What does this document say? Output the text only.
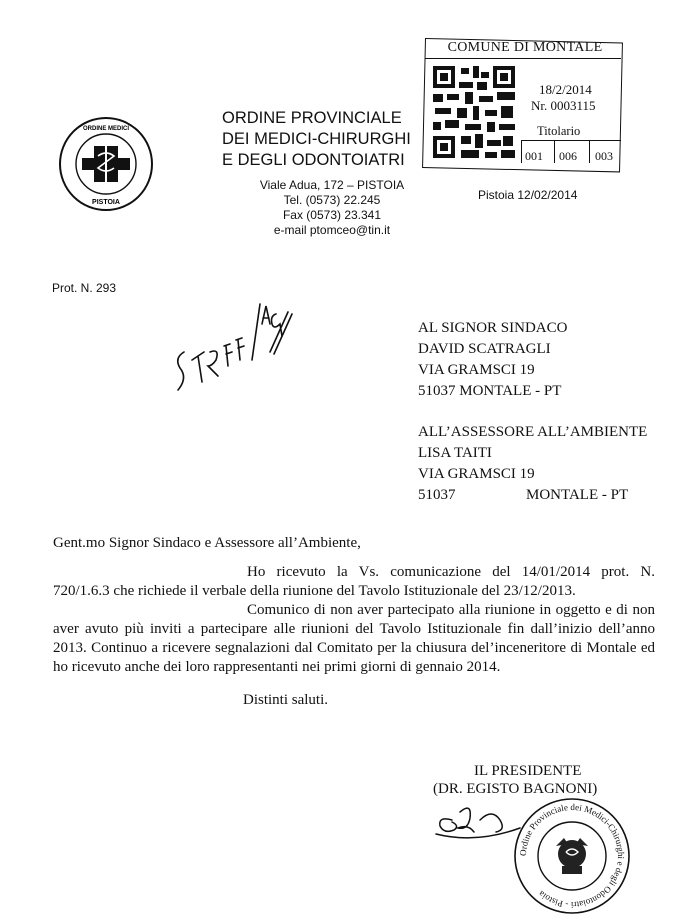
ORDINE MEDICI
PISTOIA
ORDINE PROVINCIALE
DEI MEDICI-CHIRURGHI
E DEGLI ODONTOIATRI
Viale Adua, 172 – PISTOIA
Tel. (0573) 22.245
Fax (0573) 23.341
e-mail ptomceo@tin.it
COMUNE DI MONTALE
18/2/2014
Nr. 0003115
Titolario
001 006 003
Pistoia 12/02/2014
Prot. N. 293
AL SIGNOR SINDACO
DAVID SCATRAGLI
VIA GRAMSCI 19
51037 MONTALE - PT
ALL’ASSESSORE ALL’AMBIENTE
LISA TAITI
VIA GRAMSCI 19
51037	MONTALE - PT
Gent.mo Signor Sindaco e Assessore all’Ambiente,
Ho ricevuto la Vs. comunicazione del 14/01/2014 prot. N. 720/1.6.3 che richiede il verbale della riunione del Tavolo Istituzionale del 23/12/2013.
Comunico di non aver partecipato alla riunione in oggetto e di non aver avuto più inviti a partecipare alle riunioni del Tavolo Istituzionale fin dall’inizio dell’anno 2013. Continuo a ricevere segnalazioni dal Comitato per la chiusura del’inceneritore di Montale ed ho ricevuto anche dei loro rappresentanti nei primi giorni di gennaio 2014.
Distinti saluti.
IL PRESIDENTE
(DR. EGISTO BAGNONI)
Ordine Provinciale dei Medici-Chirurghi e degli Odontoiatri - Pistoia
